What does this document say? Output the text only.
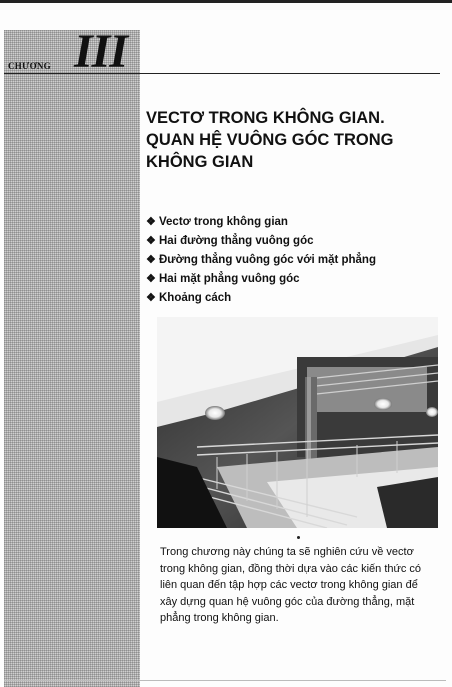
CHƯƠNG III
VECTƠ TRONG KHÔNG GIAN.
QUAN HỆ VUÔNG GÓC TRONG
KHÔNG GIAN
❖ Vectơ trong không gian
❖ Hai đường thẳng vuông góc
❖ Đường thẳng vuông góc với mặt phẳng
❖ Hai mặt phẳng vuông góc
❖ Khoảng cách

Trong chương này chúng ta sẽ nghiên cứu về vectơ
trong không gian, đồng thời dựa vào các kiến thức có
liên quan đến tập hợp các vectơ trong không gian để
xây dựng quan hệ vuông góc của đường thẳng, mặt
phẳng trong không gian.
